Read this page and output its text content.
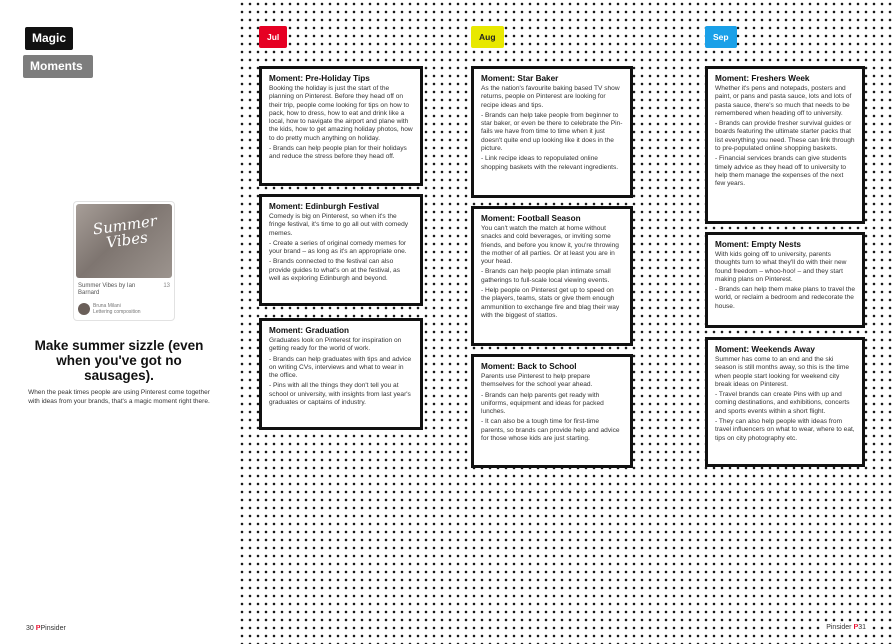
Magic
Moments
Summer Vibes
Summer Vibes by Ian Barnard
13
Bruna Milani
Lettering composition
Make summer sizzle (even when you've got no sausages).
When the peak times people are using Pinterest come together with ideas from your brands, that's a magic moment right there.
30 𝐏Pinsider
Jul	Aug	Sep
Moment: Pre-Holiday Tips

Booking the holiday is just the start of the planning on Pinterest. Before they head off on their trip, people come looking for tips on how to pack, how to dress, how to eat and drink like a local, how to navigate the airport and plane with the kids, how to get amazing holiday photos, how to do pretty much anything on holiday.

- Brands can help people plan for their holidays and reduce the stress before they head off.

Moment: Edinburgh Festival

Comedy is big on Pinterest, so when it's the fringe festival, it's time to go all out with comedy memes.

- Create a series of original comedy memes for your brand – as long as it's an appropriate one.

- Brands connected to the festival can also provide guides to what's on at the festival, as well as exploring Edinburgh and beyond.

Moment: Graduation

Graduates look on Pinterest for inspiration on getting ready for the world of work.

- Brands can help graduates with tips and advice on writing CVs, interviews and what to wear in the office.

- Pins with all the things they don't tell you at school or university, with insights from last year's graduates or captains of industry.

Moment: Star Baker

As the nation's favourite baking based TV show returns, people on Pinterest are looking for recipe ideas and tips.

- Brands can help take people from beginner to star baker, or even be there to celebrate the Pin-fails we have from time to time when it just doesn't quite end up looking like it does in the picture.

- Link recipe ideas to repopulated online shopping baskets with the relevant ingredients.

Moment: Football Season

You can't watch the match at home without snacks and cold beverages, or inviting some friends, and before you know it, you're throwing the mother of all parties. Or at least you are in your head.

- Brands can help people plan intimate small gatherings to full-scale local viewing events.

- Help people on Pinterest get up to speed on the players, teams, stats or give them enough ammunition to exchange fire and blag their way with the biggest of stattos.

Moment: Back to School

Parents use Pinterest to help prepare themselves for the school year ahead.

- Brands can help parents get ready with uniforms, equipment and ideas for packed lunches.

- It can also be a tough time for first-time parents, so brands can provide help and advice for those whose kids are just starting.

Moment: Freshers Week

Whether it's pens and notepads, posters and paint, or pans and pasta sauce, lots and lots of pasta sauce, there's so much that needs to be remembered when heading off to university.

- Brands can provide fresher survival guides or boards featuring the ultimate starter packs that list everything you need. These can link through to pre-populated online shopping baskets.

- Financial services brands can give students timely advice as they head off to university to help them manage the expenses of the next few years.

Moment: Empty Nests

With kids going off to university, parents thoughts turn to what they'll do with their new found freedom – whoo-hoo! – and they start making plans on Pinterest.

- Brands can help them make plans to travel the world, or reclaim a bedroom and redecorate the house.

Moment: Weekends Away

Summer has come to an end and the ski season is still months away, so this is the time when people start looking for weekend city break ideas on Pinterest.

- Travel brands can create Pins with up and coming destinations, and exhibitions, concerts and sports events within a short flight.

- They can also help people with ideas from travel influencers on what to wear, where to eat, tips on city photography etc.

Pinsider 𝐏31
